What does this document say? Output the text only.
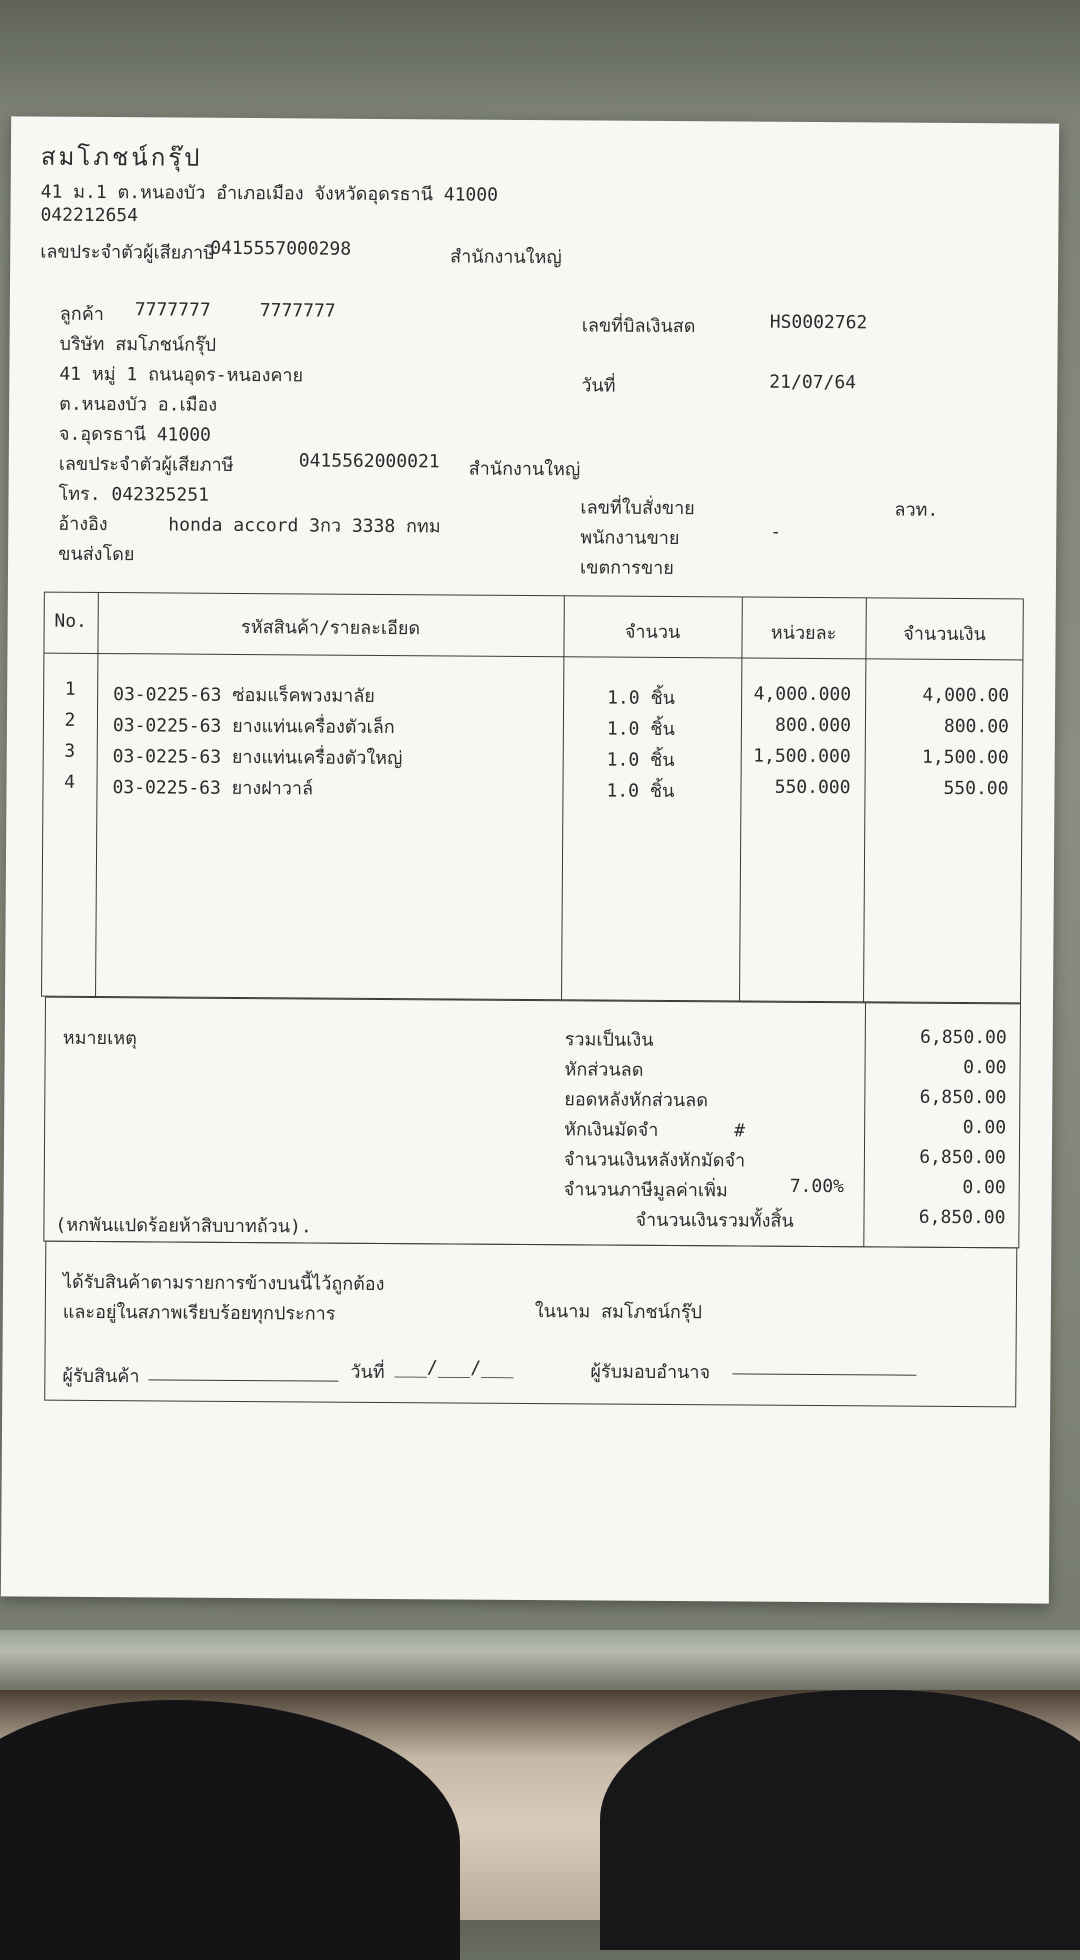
สมโภชน์กรุ๊ป
41 ม.1 ต.หนองบัว อำเภอเมือง จังหวัดอุดรธานี 41000
042212654
เลขประจำตัวผู้เสียภาษี
0415557000298	สำนักงานใหญ่
ลูกค้า 7777777	7777777
บริษัท สมโภชน์กรุ๊ป
41 หมู่ 1 ถนนอุดร-หนองคาย
ต.หนองบัว อ.เมือง
จ.อุดรธานี 41000
เลขประจำตัวผู้เสียภาษี	0415562000021 สำนักงานใหญ่
โทร. 042325251
อ้างอิง	honda accord 3กว 3338 กทม
ขนส่งโดย
เลขที่บิลเงินสด	HS0002762
วันที่	21/07/64
เลขที่ใบสั่งขาย	ลวท.
พนักงานขาย	-
เขตการขาย
No.	รหัสสินค้า/รายละเอียด	จำนวน	หน่วยละ	จำนวนเงิน
1	03-0225-63 ซ่อมแร็คพวงมาลัย	1.0 ชิ้น	4,000.000	4,000.00
2	03-0225-63 ยางแท่นเครื่องตัวเล็ก	1.0 ชิ้น	800.000	800.00
3	03-0225-63 ยางแท่นเครื่องตัวใหญ่	1.0 ชิ้น	1,500.000	1,500.00
4	03-0225-63 ยางฝาวาล์	1.0 ชิ้น	550.000	550.00
หมายเหตุ
(หกพันแปดร้อยห้าสิบบาทถ้วน).
รวมเป็นเงิน	6,850.00
หักส่วนลด	0.00
ยอดหลังหักส่วนลด	6,850.00
หักเงินมัดจำ       #	0.00
จำนวนเงินหลังหักมัดจำ	6,850.00
จำนวนภาษีมูลค่าเพิ่ม	7.00%	0.00
จำนวนเงินรวมทั้งสิ้น	6,850.00
ได้รับสินค้าตามรายการข้างบนนี้ไว้ถูกต้อง
และอยู่ในสภาพเรียบร้อยทุกประการ	ในนาม สมโภชน์กรุ๊ป
ผู้รับสินค้า	วันที่ ___/___/___	ผู้รับมอบอำนาจ
